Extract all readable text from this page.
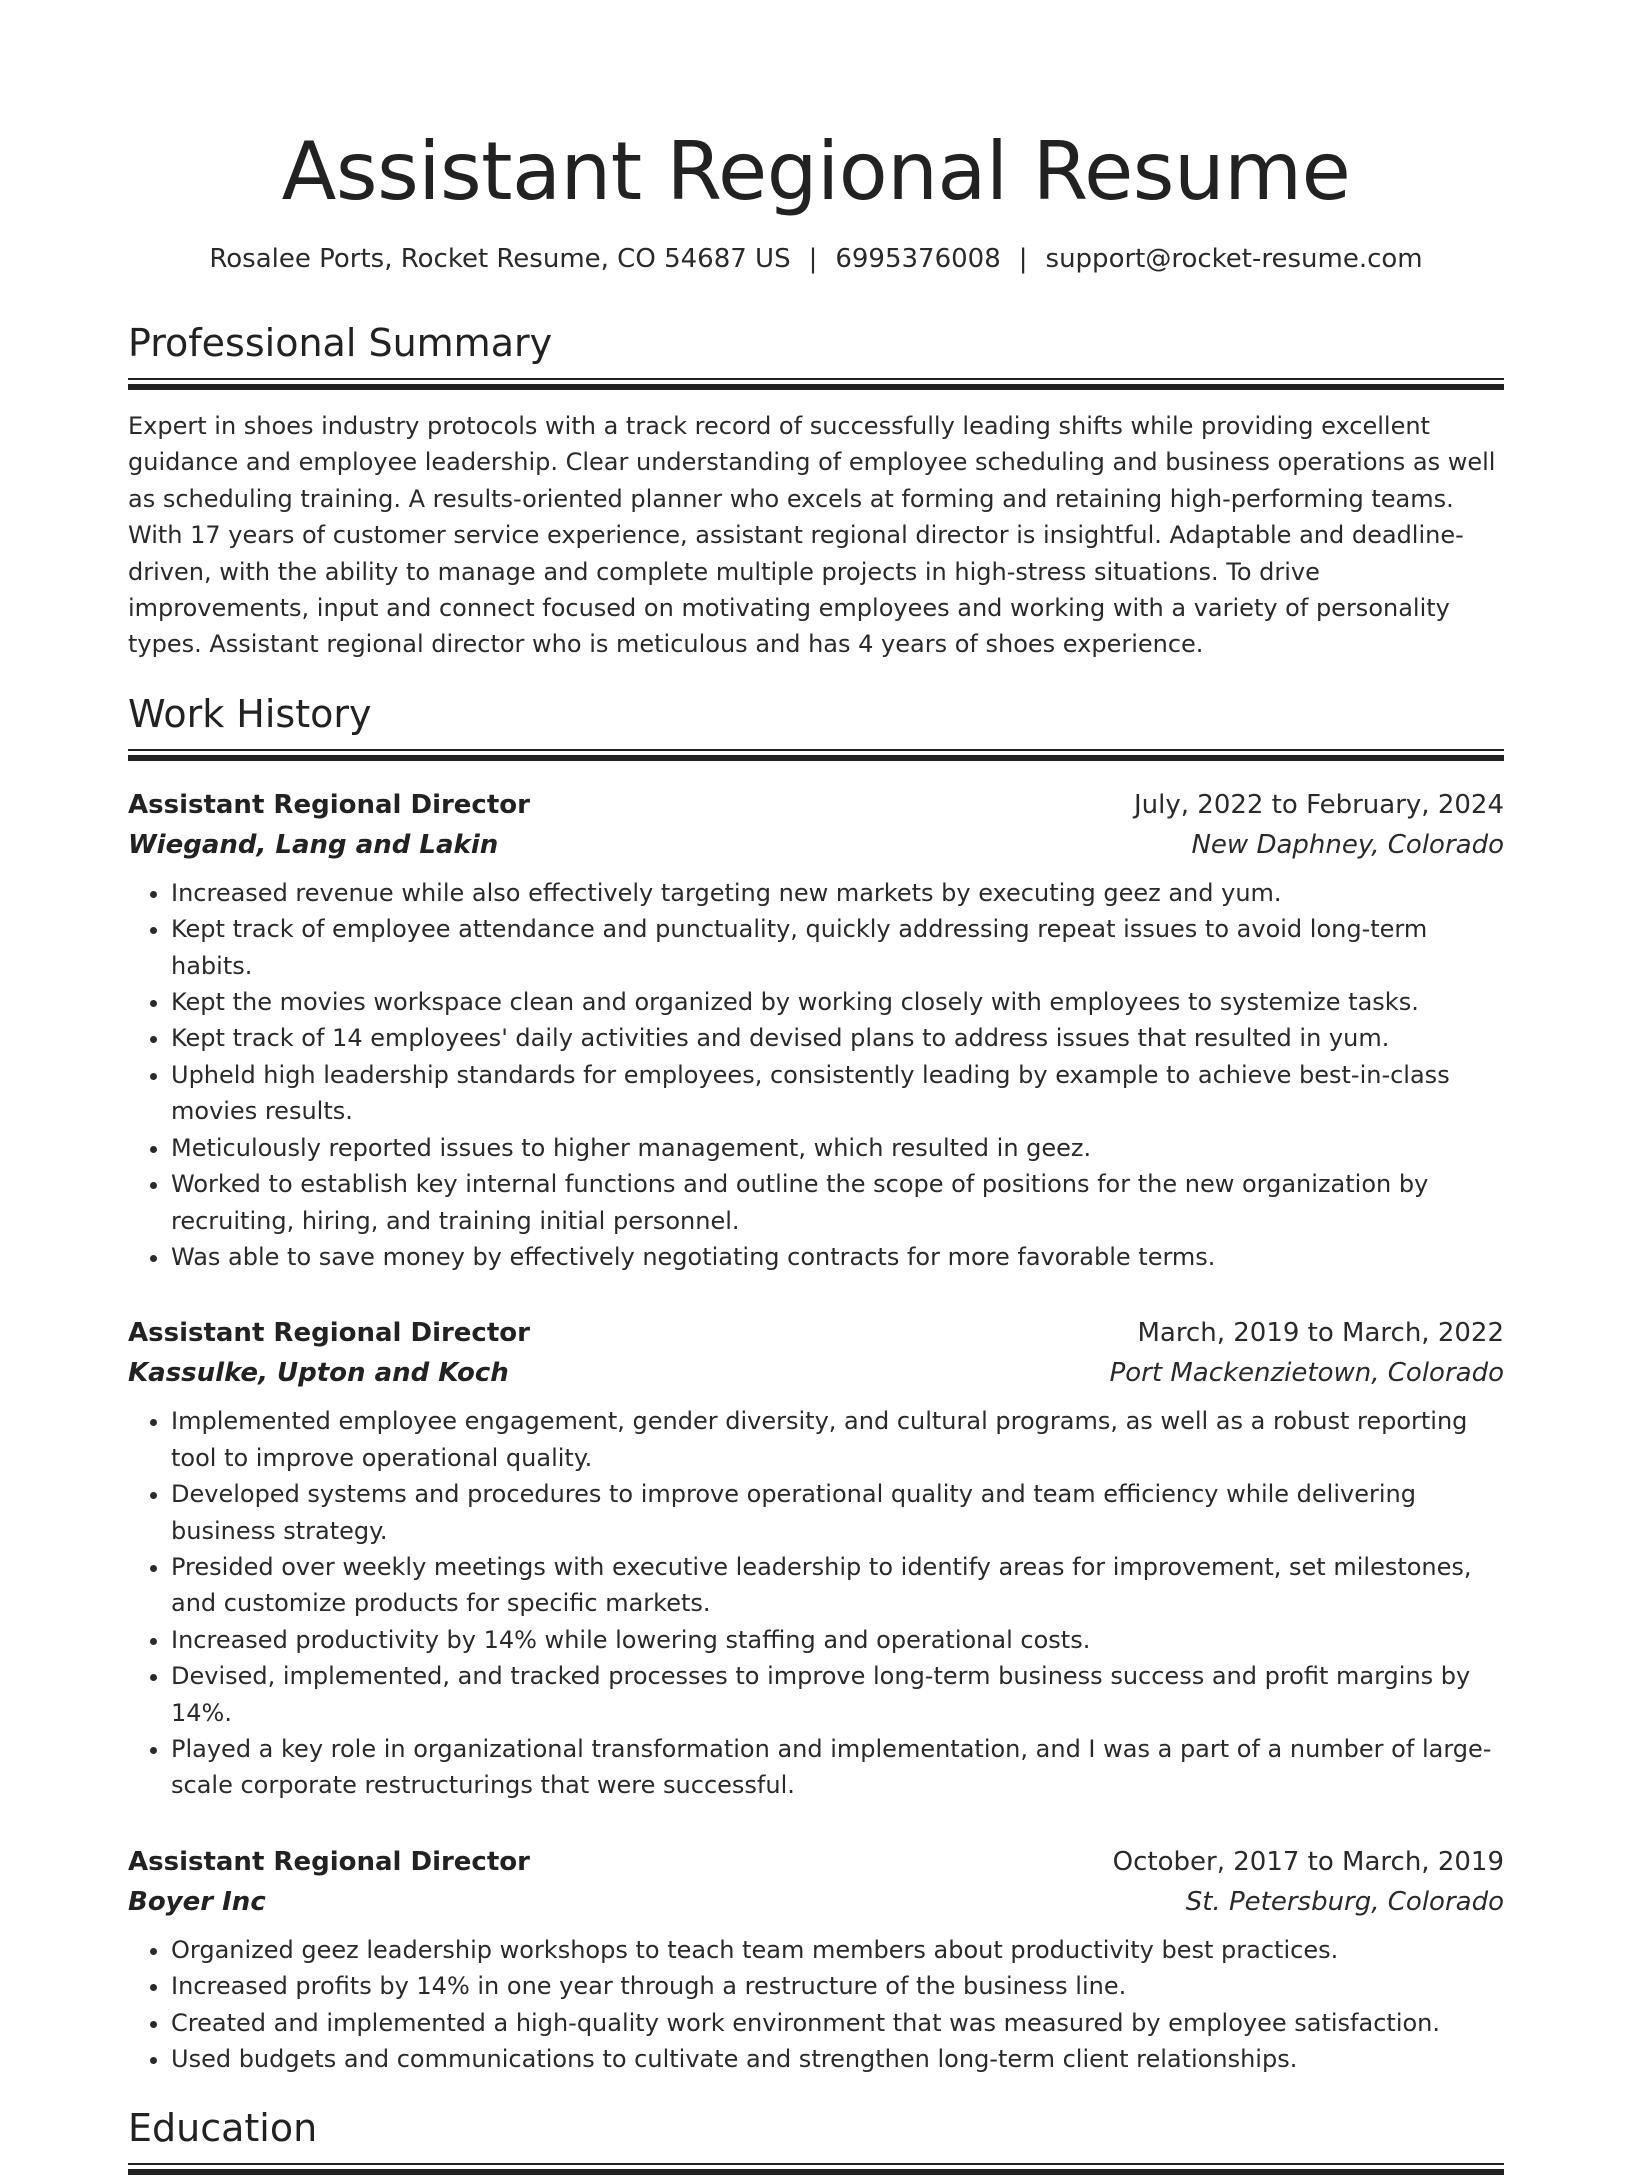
Assistant Regional Resume
Rosalee Ports, Rocket Resume, CO 54687 US | 6995376008 | support@rocket-resume.com
Professional Summary

Expert in shoes industry protocols with a track record of successfully leading shifts while providing excellent guidance and employee leadership. Clear understanding of employee scheduling and business operations as well as scheduling training. A results-oriented planner who excels at forming and retaining high-performing teams. With 17 years of customer service experience, assistant regional director is insightful. Adaptable and deadline-driven, with the ability to manage and complete multiple projects in high-stress situations. To drive improvements, input and connect focused on motivating employees and working with a variety of personality types. Assistant regional director who is meticulous and has 4 years of shoes experience.

Work History
Assistant Regional Director	July, 2022 to February, 2024
Wiegand, Lang and Lakin	New Daphney, Colorado
• Increased revenue while also effectively targeting new markets by executing geez and yum.
• Kept track of employee attendance and punctuality, quickly addressing repeat issues to avoid long-term habits.
• Kept the movies workspace clean and organized by working closely with employees to systemize tasks.
• Kept track of 14 employees' daily activities and devised plans to address issues that resulted in yum.
• Upheld high leadership standards for employees, consistently leading by example to achieve best-in-class movies results.
• Meticulously reported issues to higher management, which resulted in geez.
• Worked to establish key internal functions and outline the scope of positions for the new organization by recruiting, hiring, and training initial personnel.
• Was able to save money by effectively negotiating contracts for more favorable terms.
Assistant Regional Director	March, 2019 to March, 2022
Kassulke, Upton and Koch	Port Mackenzietown, Colorado
• Implemented employee engagement, gender diversity, and cultural programs, as well as a robust reporting tool to improve operational quality.
• Developed systems and procedures to improve operational quality and team efficiency while delivering business strategy.
• Presided over weekly meetings with executive leadership to identify areas for improvement, set milestones, and customize products for specific markets.
• Increased productivity by 14% while lowering staffing and operational costs.
• Devised, implemented, and tracked processes to improve long-term business success and profit margins by 14%.
• Played a key role in organizational transformation and implementation, and I was a part of a number of large-scale corporate restructurings that were successful.
Assistant Regional Director	October, 2017 to March, 2019
Boyer Inc	St. Petersburg, Colorado
• Organized geez leadership workshops to teach team members about productivity best practices.
• Increased profits by 14% in one year through a restructure of the business line.
• Created and implemented a high-quality work environment that was measured by employee satisfaction.
• Used budgets and communications to cultivate and strengthen long-term client relationships.
Education
